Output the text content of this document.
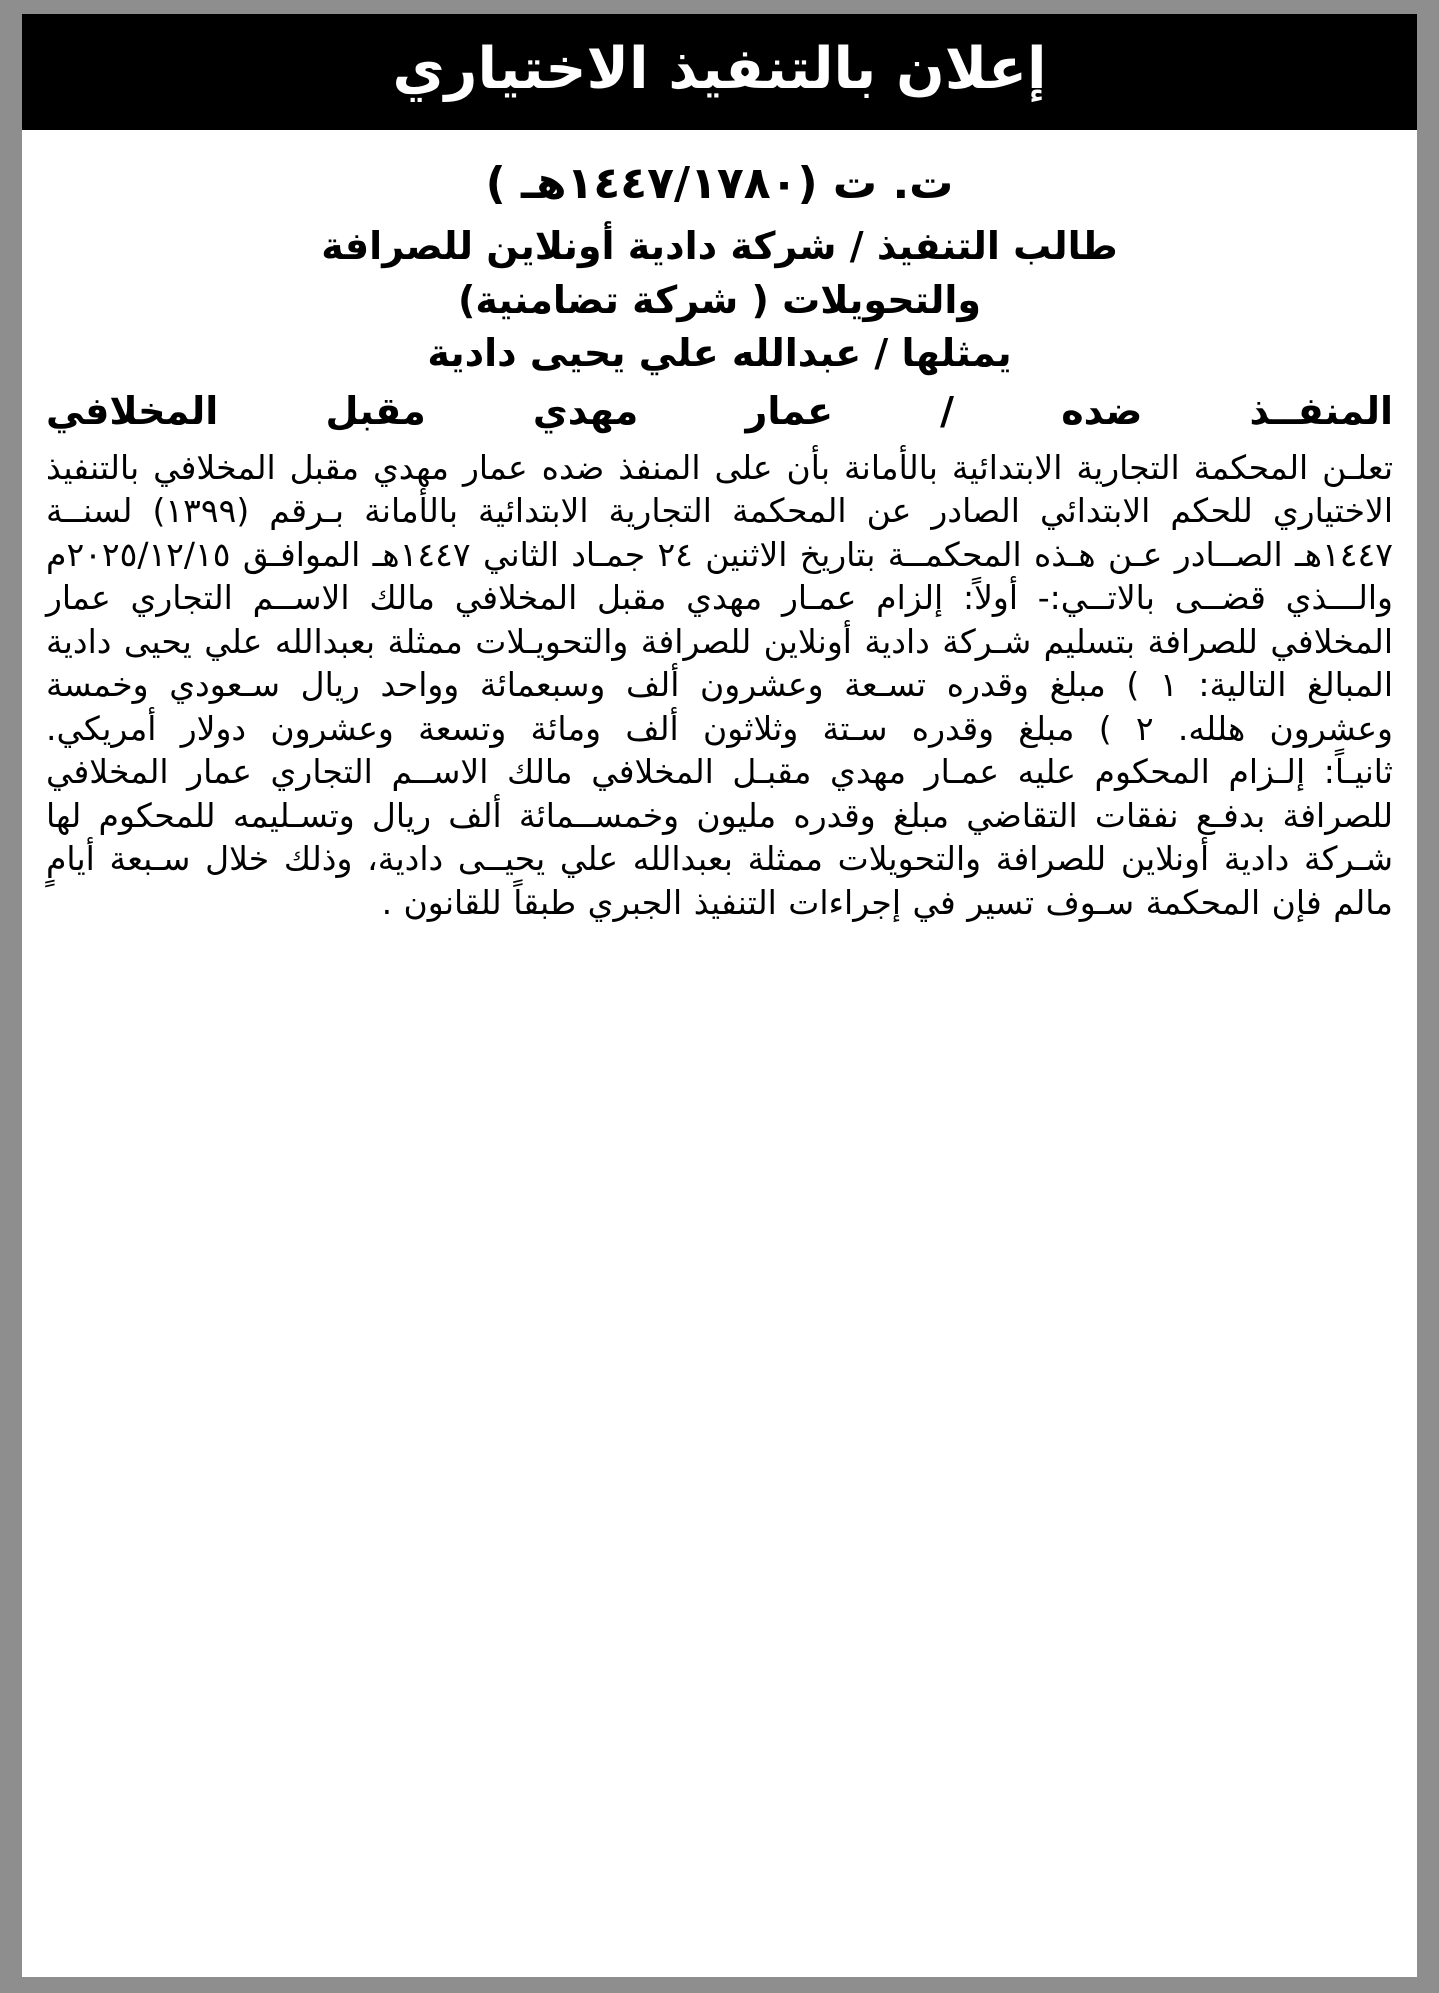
إعلان بالتنفيذ الاختياري
ت. ت (١٤٤٧/١٧٨٠هـ )
طالب التنفيذ / شركة دادية أونلاين للصرافة
والتحويلات ( شركة تضامنية)
يمثلها / عبدالله علي يحيى دادية
المنفــذ ضده / عمار مهدي مقبل المخلافي

تعلـن المحكمة التجارية الابتدائية بالأمانة بأن على المنفذ ضده عمار مهدي مقبل المخلافي بالتنفيذ الاختياري للحكم الابتدائي الصادر عن المحكمة التجارية الابتدائية بالأمانة بـرقم (١٣٩٩) لسنــة ١٤٤٧هـ الصــادر عـن هـذه المحكمــة بتاريخ الاثنين ٢٤ جمـاد الثاني ١٤٤٧هـ الموافـق ٢٠٢٥/١٢/١٥م والـــذي قضــى بالاتــي:- أولاً: إلزام عمـار مهدي مقبل المخلافي مالك الاســم التجاري عمار المخلافي للصرافة بتسليم شـركة دادية أونلاين للصرافة والتحويـلات ممثلة بعبدالله علي يحيى دادية المبالغ التالية: ١ ) مبلغ وقدره تسـعة وعشرون ألف وسبعمائة وواحد ريال سـعودي وخمسة وعشرون هلله. ٢ ) مبلغ وقدره سـتة وثلاثون ألف ومائة وتسعة وعشرون دولار أمريكي.

ثانيـاً: إلـزام المحكوم عليه عمـار مهدي مقبـل المخلافي مالك الاســم التجاري عمار المخلافي للصرافة بدفـع نفقات التقاضي مبلغ وقدره مليون وخمســمائة ألف ريال وتسـليمه للمحكوم لها شـركة دادية أونلاين للصرافة والتحويلات ممثلة بعبدالله علي يحيــى دادية، وذلك خلال سـبعة أيامٍ مالم فإن المحكمة سـوف تسير في إجراءات التنفيذ الجبري طبقاً للقانون .
